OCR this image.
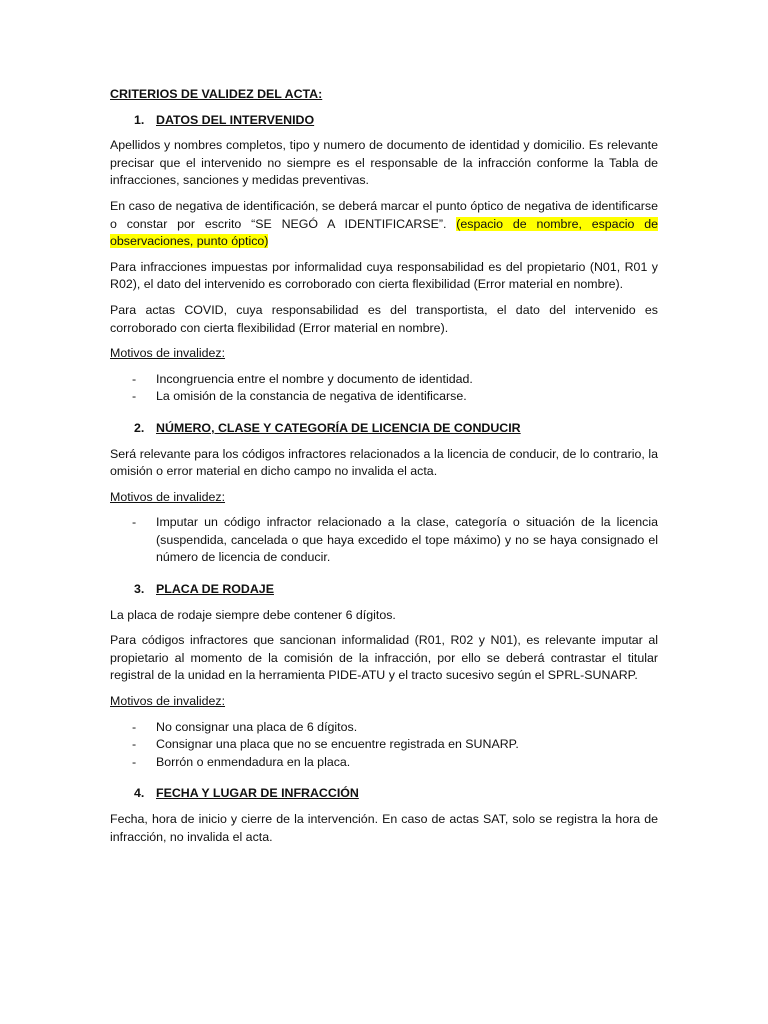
CRITERIOS DE VALIDEZ DEL ACTA:
1. DATOS DEL INTERVENIDO

Apellidos y nombres completos, tipo y numero de documento de identidad y domicilio. Es relevante precisar que el intervenido no siempre es el responsable de la infracción conforme la Tabla de infracciones, sanciones y medidas preventivas.

En caso de negativa de identificación, se deberá marcar el punto óptico de negativa de identificarse o constar por escrito “SE NEGÓ A IDENTIFICARSE”. (espacio de nombre, espacio de observaciones, punto óptico)

Para infracciones impuestas por informalidad cuya responsabilidad es del propietario (N01, R01 y R02), el dato del intervenido es corroborado con cierta flexibilidad (Error material en nombre).

Para actas COVID, cuya responsabilidad es del transportista, el dato del intervenido es corroborado con cierta flexibilidad (Error material en nombre).

Motivos de invalidez:
-	Incongruencia entre el nombre y documento de identidad.
-	La omisión de la constancia de negativa de identificarse.
2. NÚMERO, CLASE Y CATEGORÍA DE LICENCIA DE CONDUCIR

Será relevante para los códigos infractores relacionados a la licencia de conducir, de lo contrario, la omisión o error material en dicho campo no invalida el acta.

Motivos de invalidez:
-	Imputar un código infractor relacionado a la clase, categoría o situación de la licencia (suspendida, cancelada o que haya excedido el tope máximo) y no se haya consignado el número de licencia de conducir.
3. PLACA DE RODAJE

La placa de rodaje siempre debe contener 6 dígitos.

Para códigos infractores que sancionan informalidad (R01, R02 y N01), es relevante imputar al propietario al momento de la comisión de la infracción, por ello se deberá contrastar el titular registral de la unidad en la herramienta PIDE-ATU y el tracto sucesivo según el SPRL-SUNARP.

Motivos de invalidez:
-	No consignar una placa de 6 dígitos.
-	Consignar una placa que no se encuentre registrada en SUNARP.
-	Borrón o enmendadura en la placa.
4. FECHA Y LUGAR DE INFRACCIÓN

Fecha, hora de inicio y cierre de la intervención. En caso de actas SAT, solo se registra la hora de infracción, no invalida el acta.
